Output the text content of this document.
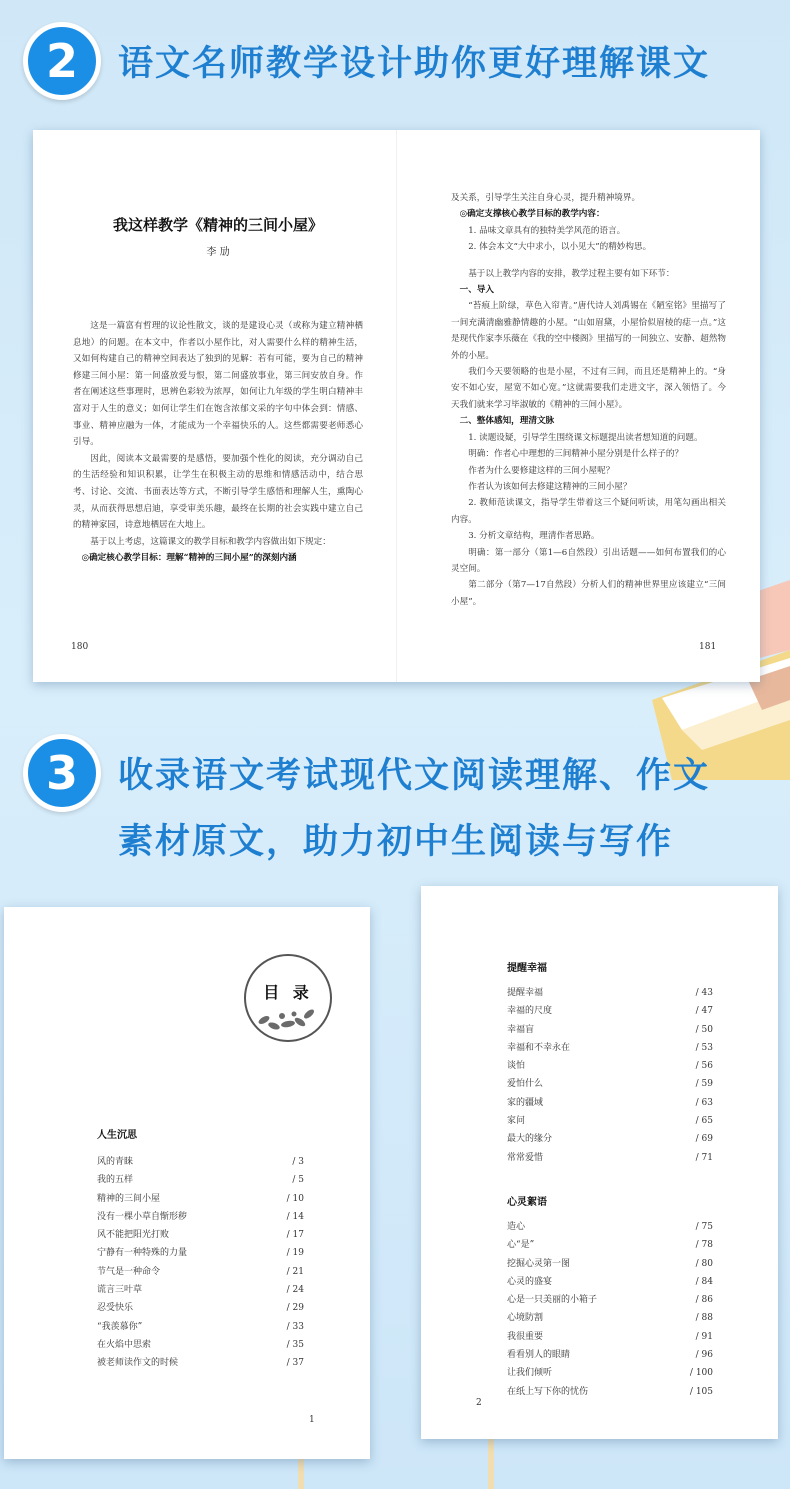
2	语文名师教学设计助你更好理解课文
我这样教学《精神的三间小屋》
李 劢

这是一篇富有哲理的议论性散文，谈的是建设心灵（或称为建立精神栖息地）的问题。在本文中，作者以小屋作比，对人需要什么样的精神生活，又如何构建自己的精神空间表达了独到的见解：若有可能，要为自己的精神修建三间小屋：第一间盛放爱与恨，第二间盛放事业，第三间安放自身。作者在阐述这些事理时，思辨色彩较为浓厚，如何让九年级的学生明白精神丰富对于人生的意义；如何让学生们在饱含浓郁文采的字句中体会到：情感、事业、精神应融为一体，才能成为一个幸福快乐的人。这些都需要老师悉心引导。

因此，阅读本文最需要的是感悟，要加强个性化的阅读，充分调动自己的生活经验和知识积累，让学生在积极主动的思维和情感活动中，结合思考、讨论、交流、书面表达等方式，不断引导学生感悟和理解人生，熏陶心灵，从而获得思想启迪，享受审美乐趣，最终在长期的社会实践中建立自己的精神家园，诗意地栖居在大地上。

基于以上考虑，这篇课文的教学目标和教学内容做出如下规定：

◎确定核心教学目标：理解“精神的三间小屋”的深刻内涵
180
及关系，引导学生关注自身心灵，提升精神境界。
◎确定支撑核心教学目标的教学内容：
1. 品味文章具有的独特美学风范的语言。
2. 体会本文“大中求小，以小见大”的精妙构思。
基于以上教学内容的安排，教学过程主要有如下环节：
一、导入
“苔痕上阶绿，草色入帘青。”唐代诗人刘禹锡在《陋室铭》里描写了一间充满清幽雅静情趣的小屋。“山如眉黛，小屋恰似眉棱的痣一点。”这是现代作家李乐薇在《我的空中楼阁》里描写的一间独立、安静、超然物外的小屋。
我们今天要领略的也是小屋，不过有三间，而且还是精神上的。“身安不如心安，屋宽不如心宽。”这就需要我们走进文字，深入领悟了。今天我们就来学习毕淑敏的《精神的三间小屋》。
二、整体感知，理清文脉
1. 读题设疑，引导学生围绕课文标题提出读者想知道的问题。
明确：作者心中理想的三间精神小屋分别是什么样子的？
作者为什么要修建这样的三间小屋呢？
作者认为该如何去修建这精神的三间小屋？
2. 教师范读课文，指导学生带着这三个疑问听读，用笔勾画出相关内容。
3. 分析文章结构，理清作者思路。
明确：第一部分（第1—6自然段）引出话题——如何布置我们的心灵空间。
第二部分（第7—17自然段）分析人们的精神世界里应该建立“三间小屋”。
181
3	收录语文考试现代文阅读理解、作文
素材原文，助力初中生阅读与写作
目 录
人生沉思
风的青睐	/ 3
我的五样	/ 5
精神的三间小屋	/ 10
没有一棵小草自惭形秽	/ 14
风不能把阳光打败	/ 17
宁静有一种特殊的力量	/ 19
节气是一种命令	/ 21
谎言三叶草	/ 24
忍受快乐	/ 29
“我羡慕你”	/ 33
在火焰中思索	/ 35
被老师读作文的时候	/ 37
1
提醒幸福
提醒幸福	/ 43
幸福的尺度	/ 47
幸福盲	/ 50
幸福和不幸永在	/ 53
谈怕	/ 56
爱怕什么	/ 59
家的疆域	/ 63
家问	/ 65
最大的缘分	/ 69
常常爱惜	/ 71
心灵絮语
造心	/ 75
心“是”	/ 78
挖掘心灵第一图	/ 80
心灵的盛宴	/ 84
心是一只美丽的小箱子	/ 86
心境防割	/ 88
我很重要	/ 91
看看别人的眼睛	/ 96
让我们倾听	/ 100
在纸上写下你的忧伤	/ 105
2
